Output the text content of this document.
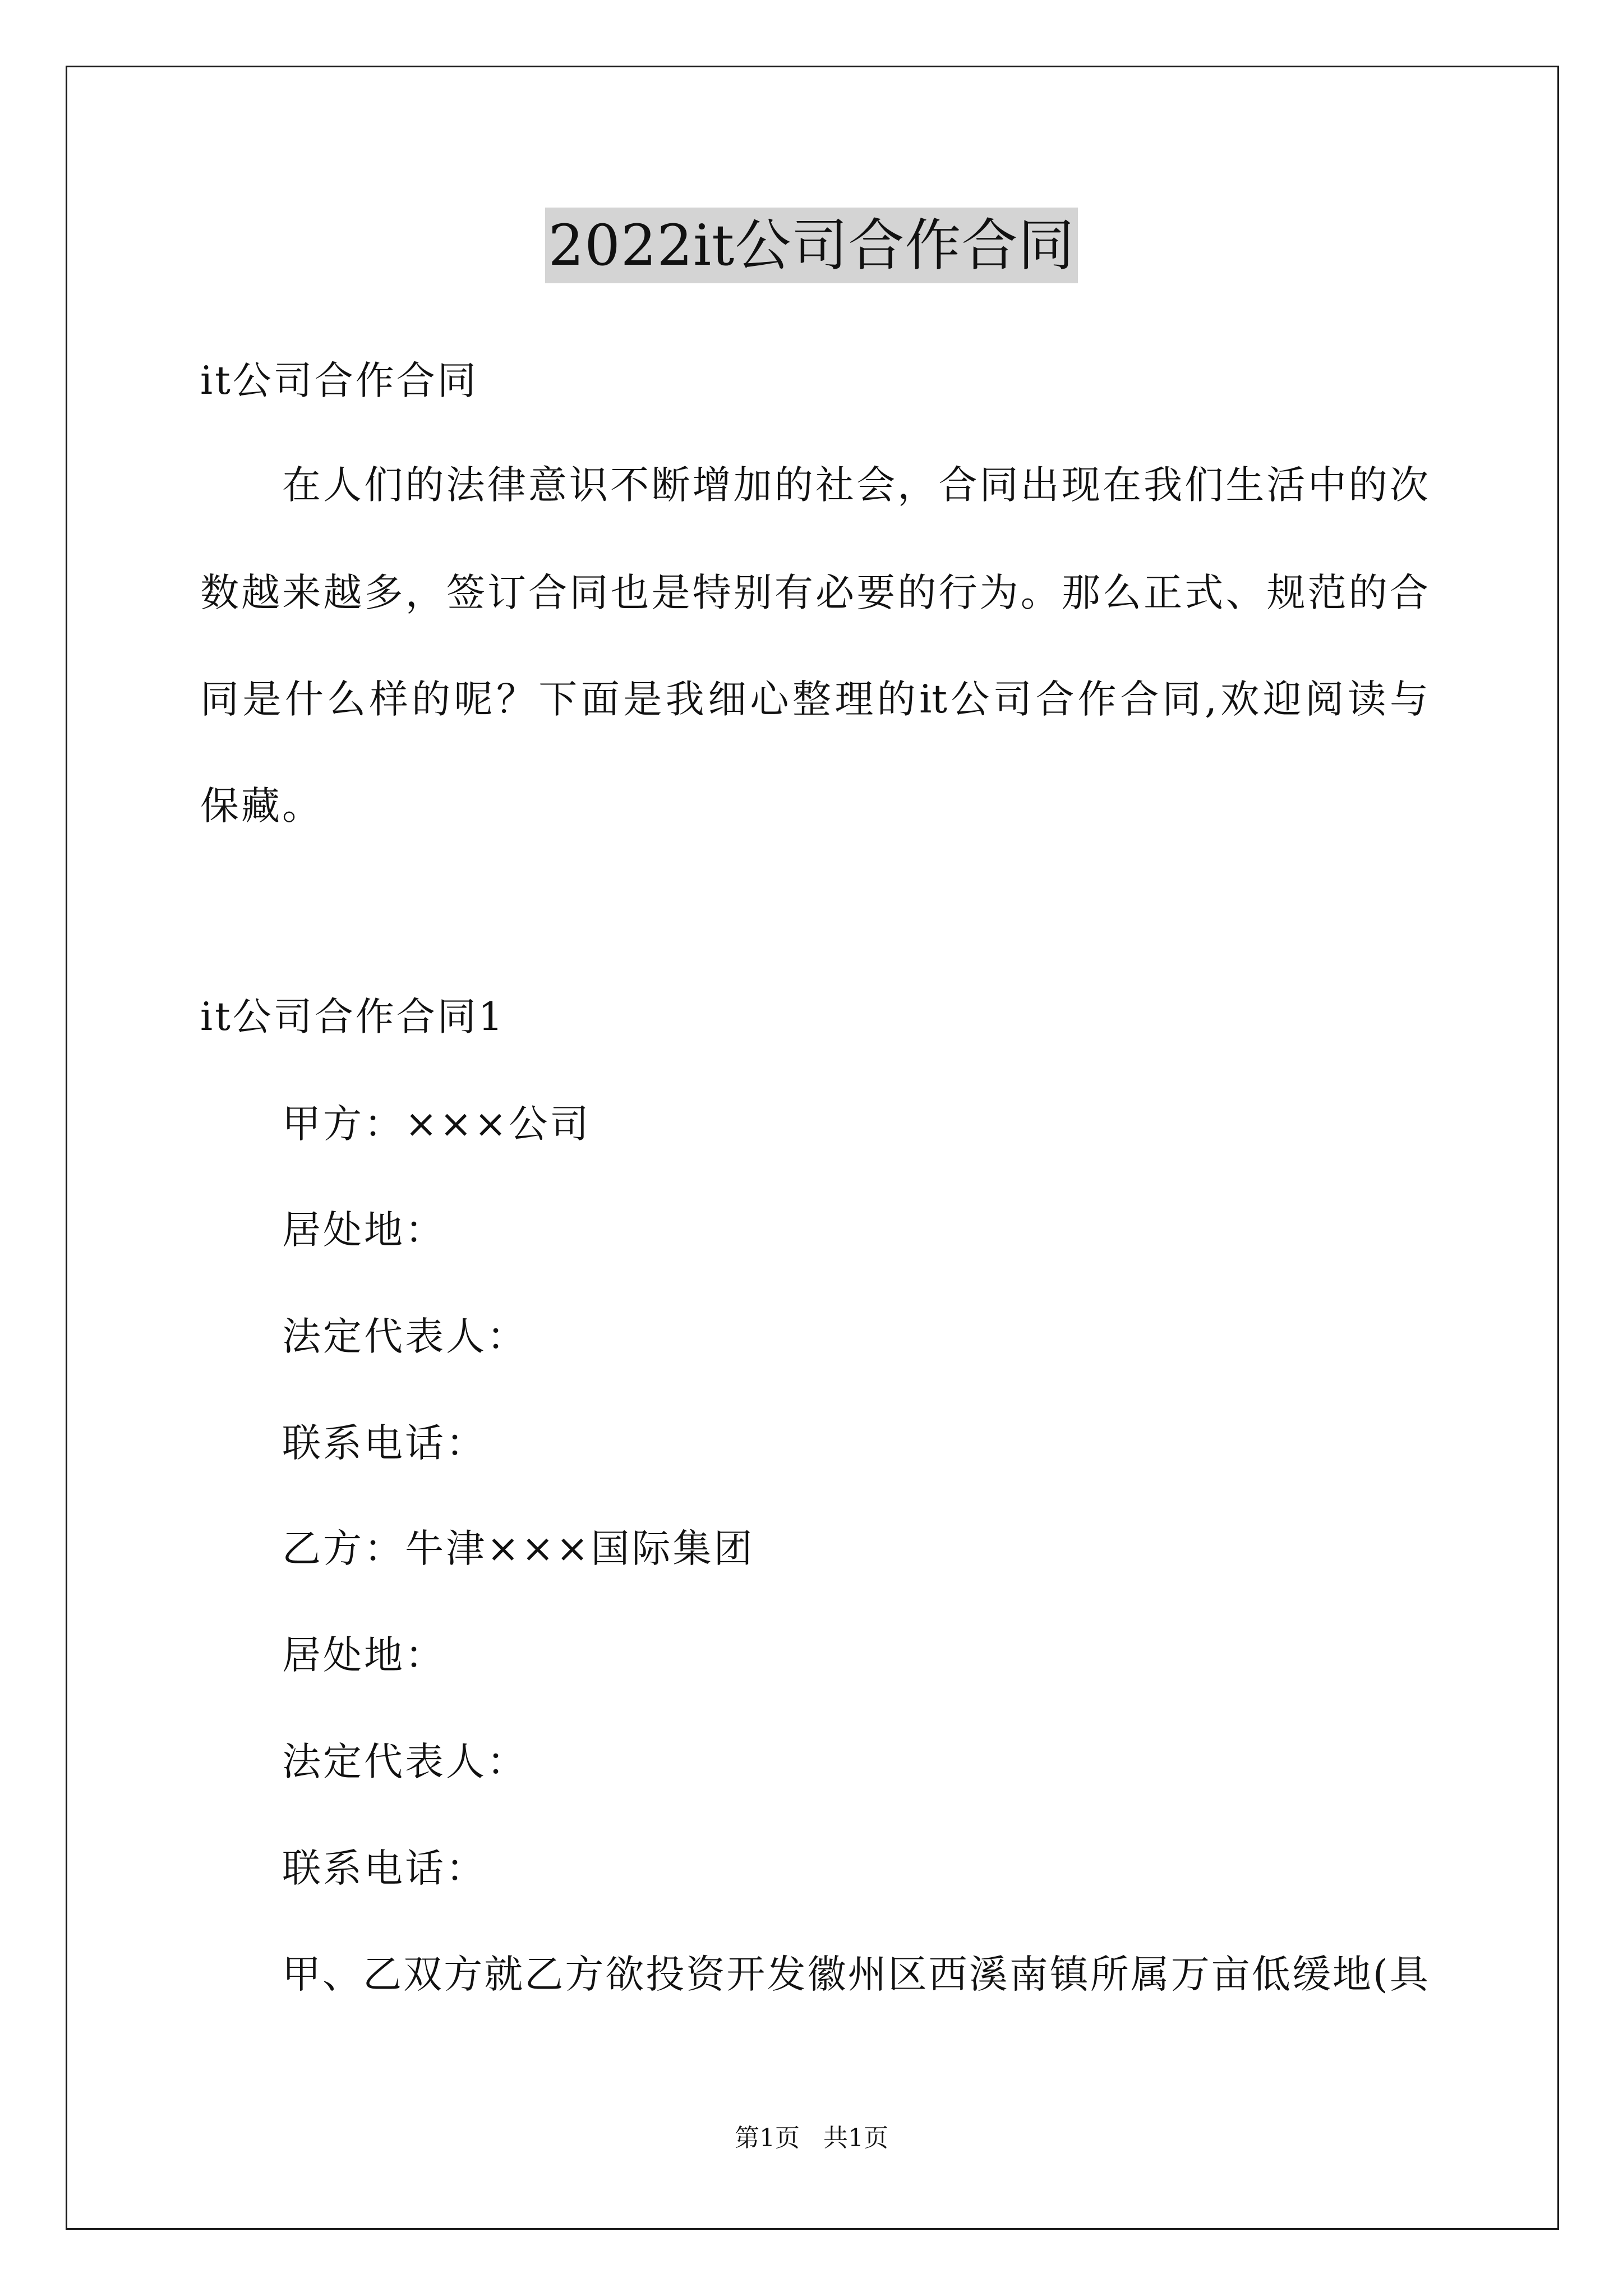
2022it公司合作合同
it公司合作合同
在人们的法律意识不断增加的社会，合同出现在我们生活中的次
数越来越多，签订合同也是特别有必要的行为。那么正式、规范的合
同是什么样的呢？下面是我细心整理的it公司合作合同,欢迎阅读与
保藏。
it公司合作合同1
甲方：×××公司
居处地：
法定代表人：
联系电话：
乙方：牛津×××国际集团
居处地：
法定代表人：
联系电话：
甲、乙双方就乙方欲投资开发徽州区西溪南镇所属万亩低缓地(具
第1页   共1页
